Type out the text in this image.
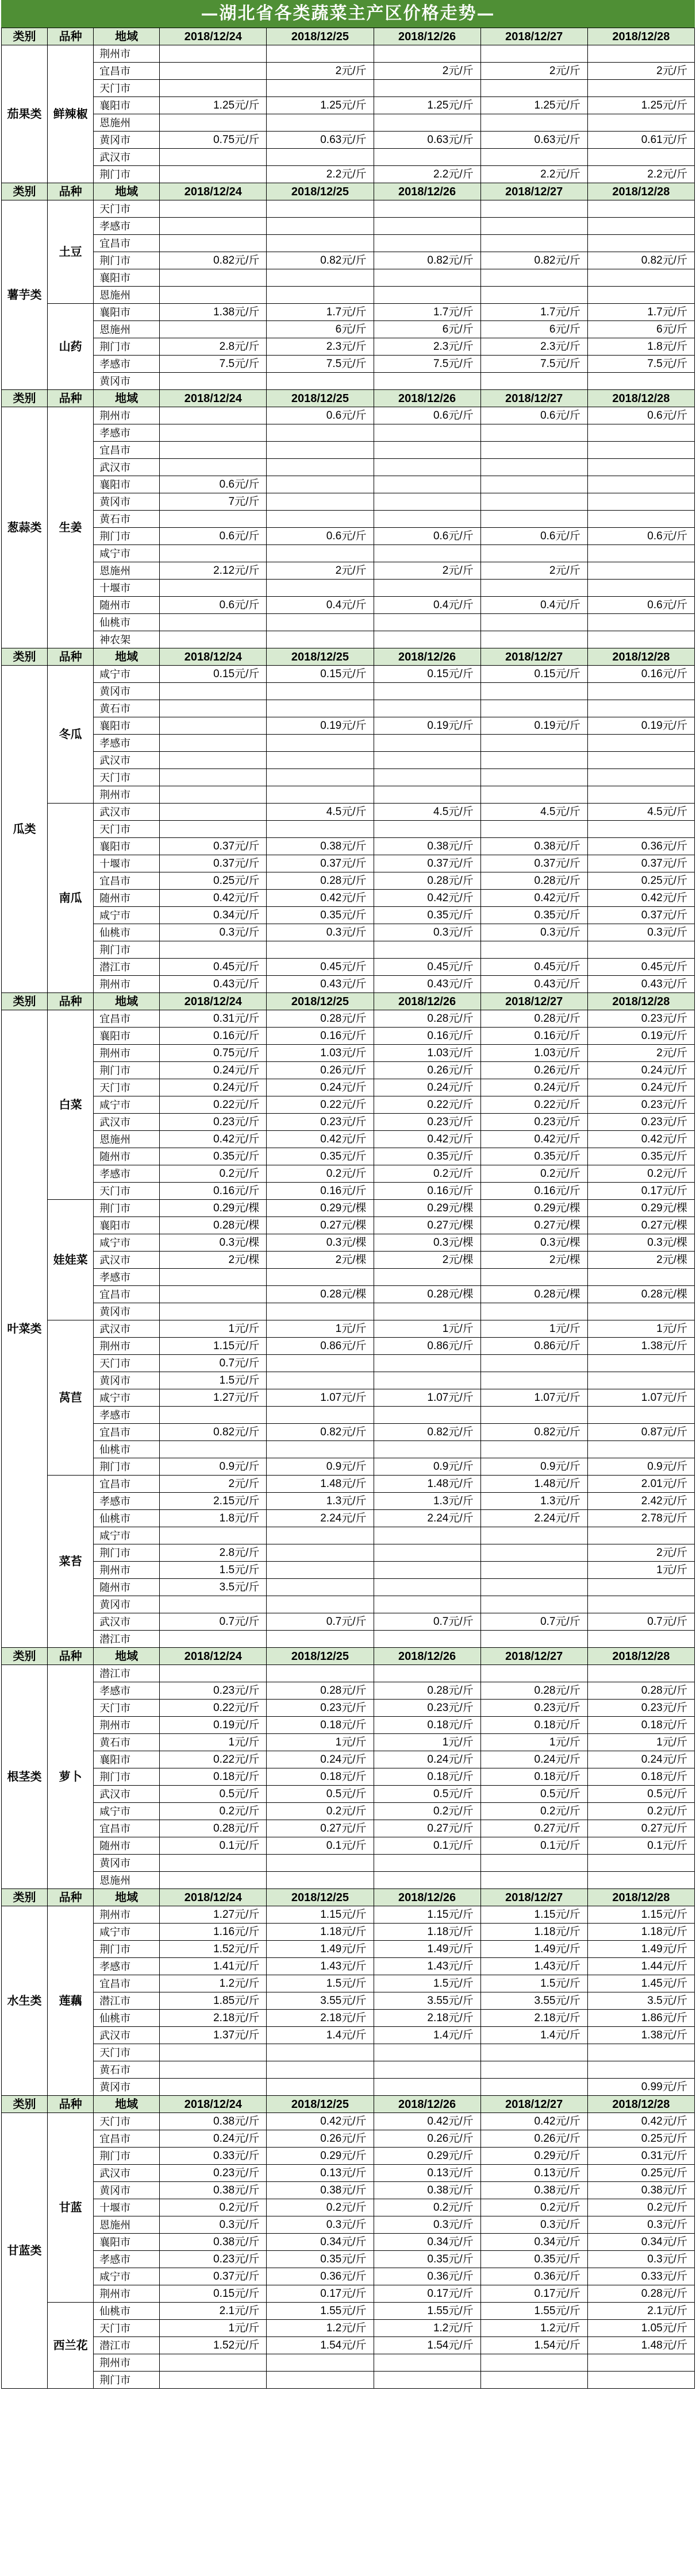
—湖北省各类蔬菜主产区价格走势—
类别	品种	地域	2018/12/24	2018/12/25	2018/12/26	2018/12/27	2018/12/28
茄果类	鲜辣椒	荆州市					
		宜昌市		2元/斤	2元/斤	2元/斤	2元/斤
		天门市					
		襄阳市	1.25元/斤	1.25元/斤	1.25元/斤	1.25元/斤	1.25元/斤
		恩施州					
		黄冈市	0.75元/斤	0.63元/斤	0.63元/斤	0.63元/斤	0.61元/斤
		武汉市					
		荆门市		2.2元/斤	2.2元/斤	2.2元/斤	2.2元/斤
类别	品种	地域	2018/12/24	2018/12/25	2018/12/26	2018/12/27	2018/12/28
薯芋类	土豆	天门市					
		孝感市					
		宜昌市					
		荆门市	0.82元/斤	0.82元/斤	0.82元/斤	0.82元/斤	0.82元/斤
		襄阳市					
		恩施州					
	山药	襄阳市	1.38元/斤	1.7元/斤	1.7元/斤	1.7元/斤	1.7元/斤
		恩施州		6元/斤	6元/斤	6元/斤	6元/斤
		荆门市	2.8元/斤	2.3元/斤	2.3元/斤	2.3元/斤	1.8元/斤
		孝感市	7.5元/斤	7.5元/斤	7.5元/斤	7.5元/斤	7.5元/斤
		黄冈市					
类别	品种	地域	2018/12/24	2018/12/25	2018/12/26	2018/12/27	2018/12/28
葱蒜类	生姜	荆州市		0.6元/斤	0.6元/斤	0.6元/斤	0.6元/斤
		孝感市					
		宜昌市					
		武汉市					
		襄阳市	0.6元/斤				
		黄冈市	7元/斤				
		黄石市					
		荆门市	0.6元/斤	0.6元/斤	0.6元/斤	0.6元/斤	0.6元/斤
		咸宁市					
		恩施州	2.12元/斤	2元/斤	2元/斤	2元/斤	
		十堰市					
		随州市	0.6元/斤	0.4元/斤	0.4元/斤	0.4元/斤	0.6元/斤
		仙桃市					
		神农架					
类别	品种	地域	2018/12/24	2018/12/25	2018/12/26	2018/12/27	2018/12/28
瓜类	冬瓜	咸宁市	0.15元/斤	0.15元/斤	0.15元/斤	0.15元/斤	0.16元/斤
		黄冈市					
		黄石市					
		襄阳市		0.19元/斤	0.19元/斤	0.19元/斤	0.19元/斤
		孝感市					
		武汉市					
		天门市					
		荆州市					
	南瓜	武汉市		4.5元/斤	4.5元/斤	4.5元/斤	4.5元/斤
		天门市					
		襄阳市	0.37元/斤	0.38元/斤	0.38元/斤	0.38元/斤	0.36元/斤
		十堰市	0.37元/斤	0.37元/斤	0.37元/斤	0.37元/斤	0.37元/斤
		宜昌市	0.25元/斤	0.28元/斤	0.28元/斤	0.28元/斤	0.25元/斤
		随州市	0.42元/斤	0.42元/斤	0.42元/斤	0.42元/斤	0.42元/斤
		咸宁市	0.34元/斤	0.35元/斤	0.35元/斤	0.35元/斤	0.37元/斤
		仙桃市	0.3元/斤	0.3元/斤	0.3元/斤	0.3元/斤	0.3元/斤
		荆门市					
		潜江市	0.45元/斤	0.45元/斤	0.45元/斤	0.45元/斤	0.45元/斤
		荆州市	0.43元/斤	0.43元/斤	0.43元/斤	0.43元/斤	0.43元/斤
类别	品种	地域	2018/12/24	2018/12/25	2018/12/26	2018/12/27	2018/12/28
叶菜类	白菜	宜昌市	0.31元/斤	0.28元/斤	0.28元/斤	0.28元/斤	0.23元/斤
		襄阳市	0.16元/斤	0.16元/斤	0.16元/斤	0.16元/斤	0.19元/斤
		荆州市	0.75元/斤	1.03元/斤	1.03元/斤	1.03元/斤	2元/斤
		荆门市	0.24元/斤	0.26元/斤	0.26元/斤	0.26元/斤	0.24元/斤
		天门市	0.24元/斤	0.24元/斤	0.24元/斤	0.24元/斤	0.24元/斤
		咸宁市	0.22元/斤	0.22元/斤	0.22元/斤	0.22元/斤	0.23元/斤
		武汉市	0.23元/斤	0.23元/斤	0.23元/斤	0.23元/斤	0.23元/斤
		恩施州	0.42元/斤	0.42元/斤	0.42元/斤	0.42元/斤	0.42元/斤
		随州市	0.35元/斤	0.35元/斤	0.35元/斤	0.35元/斤	0.35元/斤
		孝感市	0.2元/斤	0.2元/斤	0.2元/斤	0.2元/斤	0.2元/斤
		天门市	0.16元/斤	0.16元/斤	0.16元/斤	0.16元/斤	0.17元/斤
	娃娃菜	荆门市	0.29元/棵	0.29元/棵	0.29元/棵	0.29元/棵	0.29元/棵
		襄阳市	0.28元/棵	0.27元/棵	0.27元/棵	0.27元/棵	0.27元/棵
		咸宁市	0.3元/棵	0.3元/棵	0.3元/棵	0.3元/棵	0.3元/棵
		武汉市	2元/棵	2元/棵	2元/棵	2元/棵	2元/棵
		孝感市					
		宜昌市		0.28元/棵	0.28元/棵	0.28元/棵	0.28元/棵
		黄冈市					
	莴苣	武汉市	1元/斤	1元/斤	1元/斤	1元/斤	1元/斤
		荆州市	1.15元/斤	0.86元/斤	0.86元/斤	0.86元/斤	1.38元/斤
		天门市	0.7元/斤				
		黄冈市	1.5元/斤				
		咸宁市	1.27元/斤	1.07元/斤	1.07元/斤	1.07元/斤	1.07元/斤
		孝感市					
		宜昌市	0.82元/斤	0.82元/斤	0.82元/斤	0.82元/斤	0.87元/斤
		仙桃市					
		荆门市	0.9元/斤	0.9元/斤	0.9元/斤	0.9元/斤	0.9元/斤
	菜苔	宜昌市	2元/斤	1.48元/斤	1.48元/斤	1.48元/斤	2.01元/斤
		孝感市	2.15元/斤	1.3元/斤	1.3元/斤	1.3元/斤	2.42元/斤
		仙桃市	1.8元/斤	2.24元/斤	2.24元/斤	2.24元/斤	2.78元/斤
		咸宁市					
		荆门市	2.8元/斤				2元/斤
		荆州市	1.5元/斤				1元/斤
		随州市	3.5元/斤				
		黄冈市					
		武汉市	0.7元/斤	0.7元/斤	0.7元/斤	0.7元/斤	0.7元/斤
		潜江市					
类别	品种	地域	2018/12/24	2018/12/25	2018/12/26	2018/12/27	2018/12/28
根茎类	萝卜	潜江市					
		孝感市	0.23元/斤	0.28元/斤	0.28元/斤	0.28元/斤	0.28元/斤
		天门市	0.22元/斤	0.23元/斤	0.23元/斤	0.23元/斤	0.23元/斤
		荆州市	0.19元/斤	0.18元/斤	0.18元/斤	0.18元/斤	0.18元/斤
		黄石市	1元/斤	1元/斤	1元/斤	1元/斤	1元/斤
		襄阳市	0.22元/斤	0.24元/斤	0.24元/斤	0.24元/斤	0.24元/斤
		荆门市	0.18元/斤	0.18元/斤	0.18元/斤	0.18元/斤	0.18元/斤
		武汉市	0.5元/斤	0.5元/斤	0.5元/斤	0.5元/斤	0.5元/斤
		咸宁市	0.2元/斤	0.2元/斤	0.2元/斤	0.2元/斤	0.2元/斤
		宜昌市	0.28元/斤	0.27元/斤	0.27元/斤	0.27元/斤	0.27元/斤
		随州市	0.1元/斤	0.1元/斤	0.1元/斤	0.1元/斤	0.1元/斤
		黄冈市					
		恩施州					
类别	品种	地域	2018/12/24	2018/12/25	2018/12/26	2018/12/27	2018/12/28
水生类	莲藕	荆州市	1.27元/斤	1.15元/斤	1.15元/斤	1.15元/斤	1.15元/斤
		咸宁市	1.16元/斤	1.18元/斤	1.18元/斤	1.18元/斤	1.18元/斤
		荆门市	1.52元/斤	1.49元/斤	1.49元/斤	1.49元/斤	1.49元/斤
		孝感市	1.41元/斤	1.43元/斤	1.43元/斤	1.43元/斤	1.44元/斤
		宜昌市	1.2元/斤	1.5元/斤	1.5元/斤	1.5元/斤	1.45元/斤
		潜江市	1.85元/斤	3.55元/斤	3.55元/斤	3.55元/斤	3.5元/斤
		仙桃市	2.18元/斤	2.18元/斤	2.18元/斤	2.18元/斤	1.86元/斤
		武汉市	1.37元/斤	1.4元/斤	1.4元/斤	1.4元/斤	1.38元/斤
		天门市					
		黄石市					
		黄冈市					0.99元/斤
类别	品种	地域	2018/12/24	2018/12/25	2018/12/26	2018/12/27	2018/12/28
甘蓝类	甘蓝	天门市	0.38元/斤	0.42元/斤	0.42元/斤	0.42元/斤	0.42元/斤
		宜昌市	0.24元/斤	0.26元/斤	0.26元/斤	0.26元/斤	0.25元/斤
		荆门市	0.33元/斤	0.29元/斤	0.29元/斤	0.29元/斤	0.31元/斤
		武汉市	0.23元/斤	0.13元/斤	0.13元/斤	0.13元/斤	0.25元/斤
		黄冈市	0.38元/斤	0.38元/斤	0.38元/斤	0.38元/斤	0.38元/斤
		十堰市	0.2元/斤	0.2元/斤	0.2元/斤	0.2元/斤	0.2元/斤
		恩施州	0.3元/斤	0.3元/斤	0.3元/斤	0.3元/斤	0.3元/斤
		襄阳市	0.38元/斤	0.34元/斤	0.34元/斤	0.34元/斤	0.34元/斤
		孝感市	0.23元/斤	0.35元/斤	0.35元/斤	0.35元/斤	0.3元/斤
		咸宁市	0.37元/斤	0.36元/斤	0.36元/斤	0.36元/斤	0.33元/斤
		荆州市	0.15元/斤	0.17元/斤	0.17元/斤	0.17元/斤	0.28元/斤
	西兰花	仙桃市	2.1元/斤	1.55元/斤	1.55元/斤	1.55元/斤	2.1元/斤
		天门市	1元/斤	1.2元/斤	1.2元/斤	1.2元/斤	1.05元/斤
		潜江市	1.52元/斤	1.54元/斤	1.54元/斤	1.54元/斤	1.48元/斤
		荆州市					
		荆门市					
